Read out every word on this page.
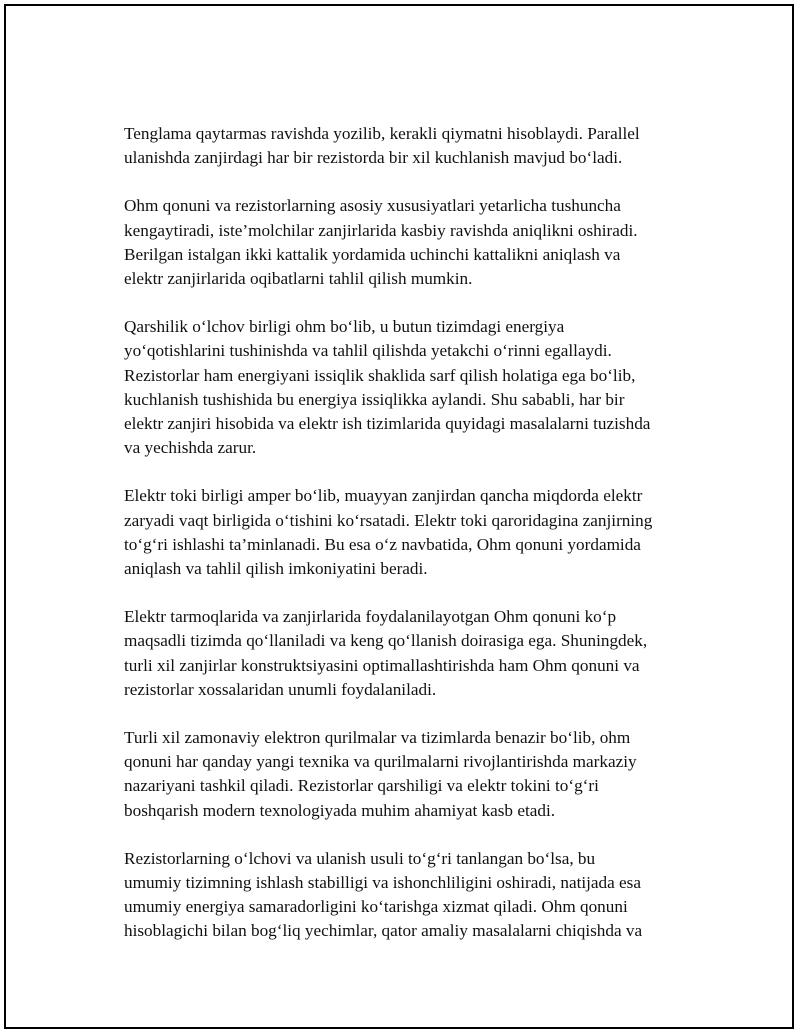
Tenglama qaytarmas ravishda yozilib, kerakli qiymatni hisoblaydi. Parallel
ulanishda zanjirdagi har bir rezistorda bir xil kuchlanish mavjud bo‘ladi.

Ohm qonuni va rezistorlarning asosiy xususiyatlari yetarlicha tushuncha
kengaytiradi, iste’molchilar zanjirlarida kasbiy ravishda aniqlikni oshiradi.
Berilgan istalgan ikki kattalik yordamida uchinchi kattalikni aniqlash va
elektr zanjirlarida oqibatlarni tahlil qilish mumkin.

Qarshilik o‘lchov birligi ohm bo‘lib, u butun tizimdagi energiya
yo‘qotishlarini tushinishda va tahlil qilishda yetakchi o‘rinni egallaydi.
Rezistorlar ham energiyani issiqlik shaklida sarf qilish holatiga ega bo‘lib,
kuchlanish tushishida bu energiya issiqlikka aylandi. Shu sababli, har bir
elektr zanjiri hisobida va elektr ish tizimlarida quyidagi masalalarni tuzishda
va yechishda zarur.

Elektr toki birligi amper bo‘lib, muayyan zanjirdan qancha miqdorda elektr
zaryadi vaqt birligida o‘tishini ko‘rsatadi. Elektr toki qaroridagina zanjirning
to‘g‘ri ishlashi ta’minlanadi. Bu esa o‘z navbatida, Ohm qonuni yordamida
aniqlash va tahlil qilish imkoniyatini beradi.

Elektr tarmoqlarida va zanjirlarida foydalanilayotgan Ohm qonuni ko‘p
maqsadli tizimda qo‘llaniladi va keng qo‘llanish doirasiga ega. Shuningdek,
turli xil zanjirlar konstruktsiyasini optimallashtirishda ham Ohm qonuni va
rezistorlar xossalaridan unumli foydalaniladi.

Turli xil zamonaviy elektron qurilmalar va tizimlarda benazir bo‘lib, ohm
qonuni har qanday yangi texnika va qurilmalarni rivojlantirishda markaziy
nazariyani tashkil qiladi. Rezistorlar qarshiligi va elektr tokini to‘g‘ri
boshqarish modern texnologiyada muhim ahamiyat kasb etadi.

Rezistorlarning o‘lchovi va ulanish usuli to‘g‘ri tanlangan bo‘lsa, bu
umumiy tizimning ishlash stabilligi va ishonchliligini oshiradi, natijada esa
umumiy energiya samaradorligini ko‘tarishga xizmat qiladi. Ohm qonuni
hisoblagichi bilan bog‘liq yechimlar, qator amaliy masalalarni chiqishda va
